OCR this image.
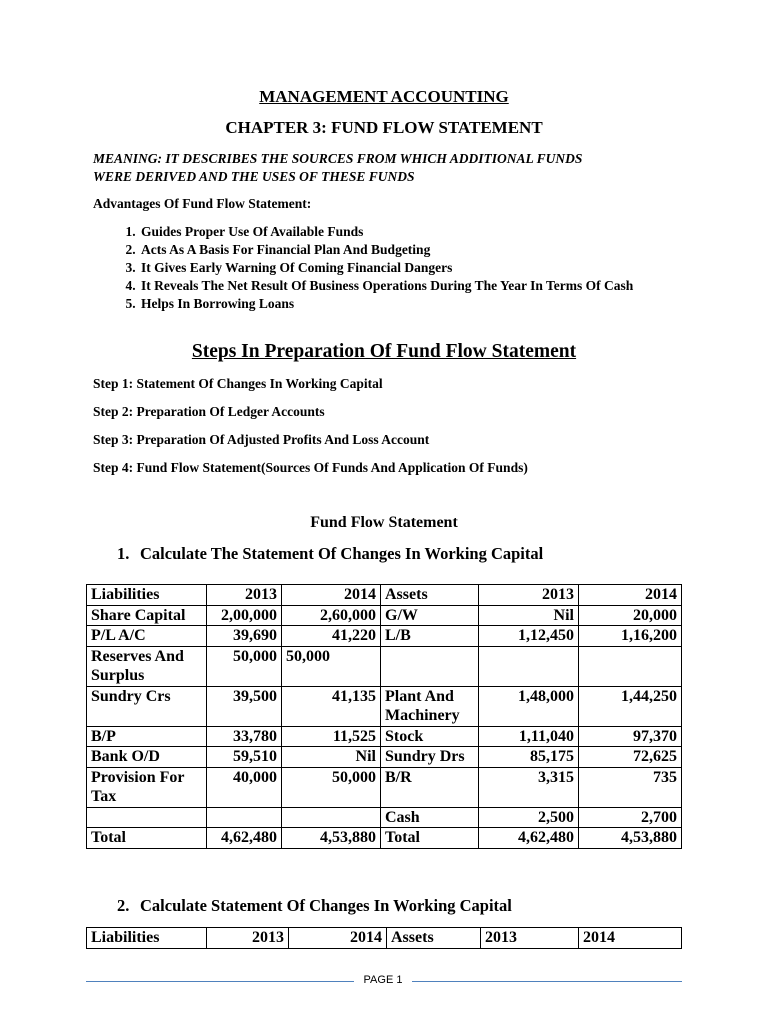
MANAGEMENT ACCOUNTING
CHAPTER 3: FUND FLOW STATEMENT
MEANING: IT DESCRIBES THE SOURCES FROM WHICH ADDITIONAL FUNDS
WERE DERIVED AND THE USES OF THESE FUNDS
Advantages Of Fund Flow Statement:
1. Guides Proper Use Of Available Funds
2. Acts As A Basis For Financial Plan And Budgeting
3. It Gives Early Warning Of Coming Financial Dangers
4. It Reveals The Net Result Of Business Operations During The Year In Terms Of Cash
5. Helps In Borrowing Loans
Steps In Preparation Of Fund Flow Statement
Step 1: Statement Of Changes In Working Capital
Step 2: Preparation Of Ledger Accounts
Step 3: Preparation Of Adjusted Profits And Loss Account
Step 4: Fund Flow Statement(Sources Of Funds And Application Of Funds)
Fund Flow Statement
1. Calculate The Statement Of Changes In Working Capital
Liabilities	2013	2014	Assets	2013	2014
Share Capital	2,00,000	2,60,000	G/W	Nil	20,000
P/L A/C	39,690	41,220	L/B	1,12,450	1,16,200
Reserves And Surplus	50,000	50,000			
Sundry Crs	39,500	41,135	Plant And Machinery	1,48,000	1,44,250
B/P	33,780	11,525	Stock	1,11,040	97,370
Bank O/D	59,510	Nil	Sundry Drs	85,175	72,625
Provision For Tax	40,000	50,000	B/R	3,315	735
			Cash	2,500	2,700
Total	4,62,480	4,53,880	Total	4,62,480	4,53,880
2. Calculate Statement Of Changes In Working Capital
Liabilities	2013	2014	Assets	2013	2014
PAGE 1
